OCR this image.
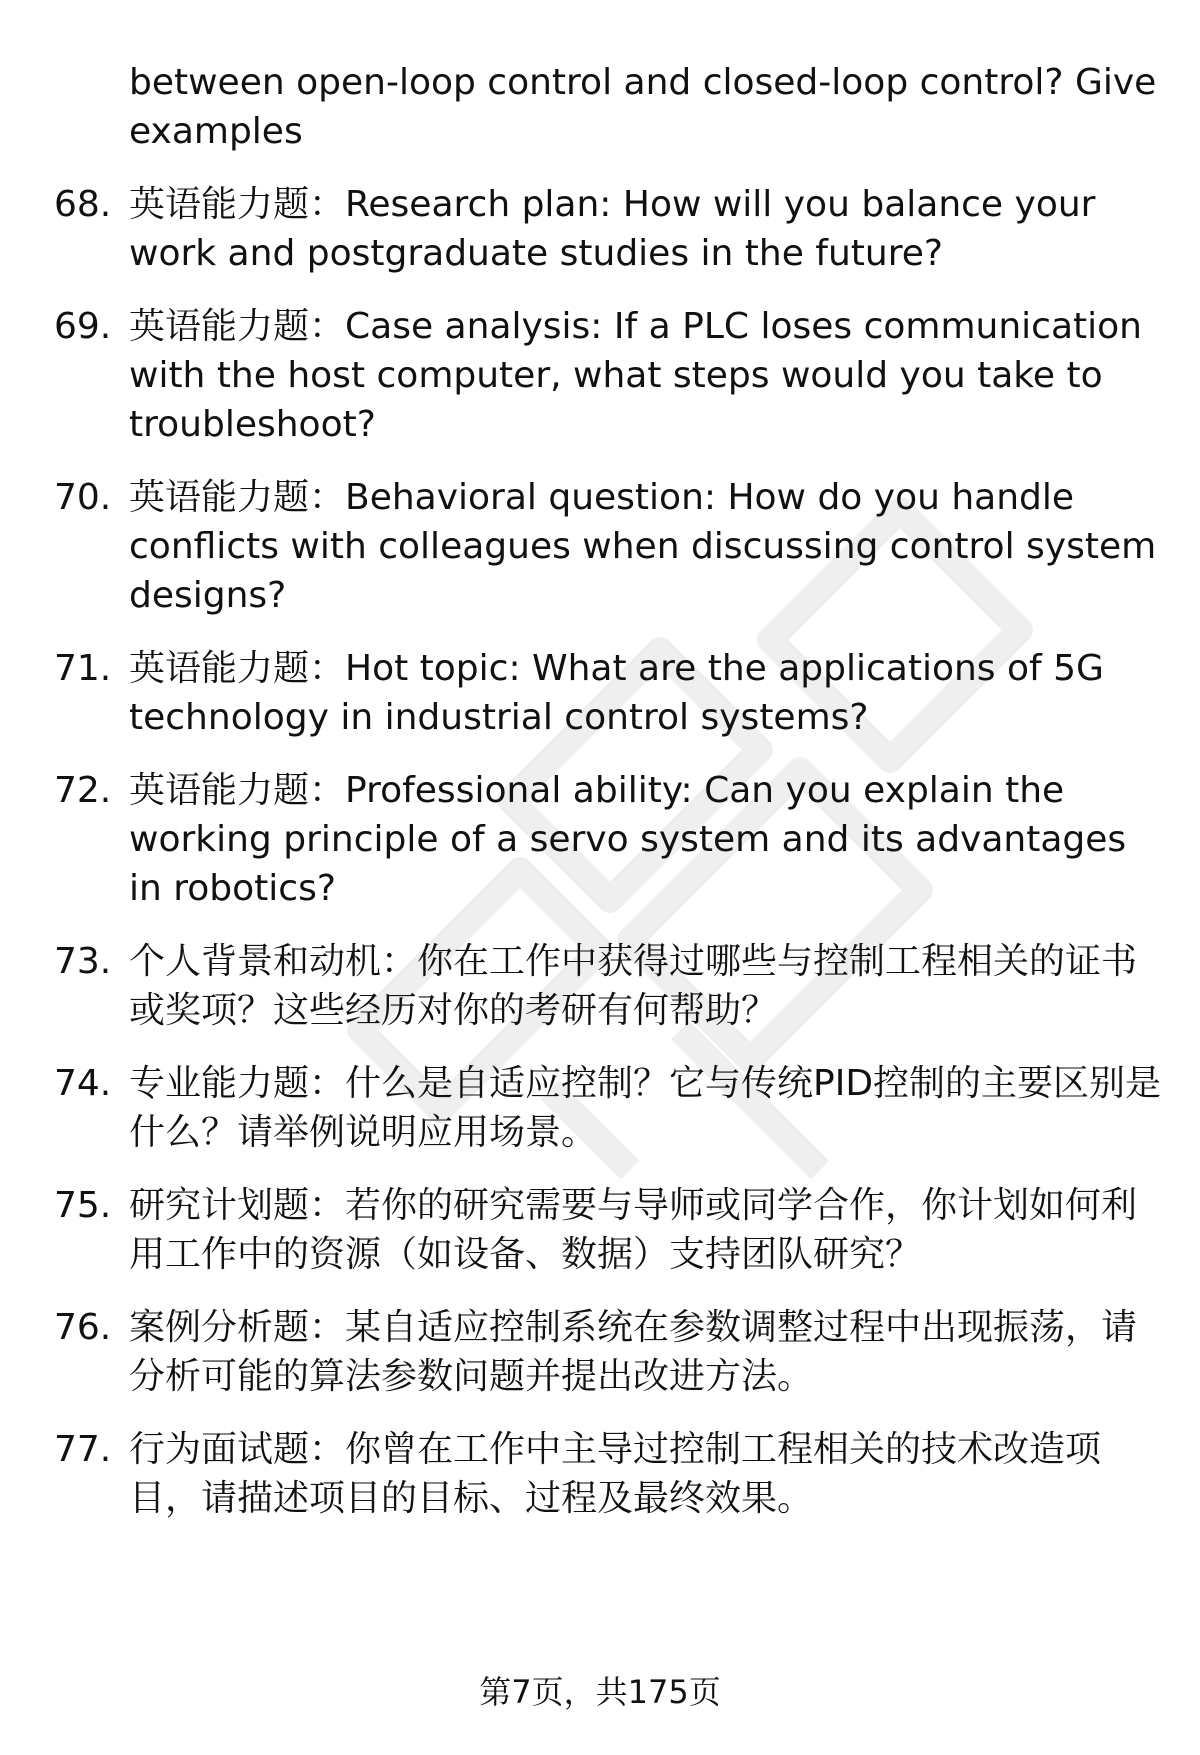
between open-loop control and closed-loop control? Give examples
68. 英语能力题：Research plan: How will you balance your work and postgraduate studies in the future?
69. 英语能力题：Case analysis: If a PLC loses communication with the host computer, what steps would you take to troubleshoot?
70. 英语能力题：Behavioral question: How do you handle conflicts with colleagues when discussing control system designs?
71. 英语能力题：Hot topic: What are the applications of 5G technology in industrial control systems?
72. 英语能力题：Professional ability: Can you explain the working principle of a servo system and its advantages in robotics?
73. 个人背景和动机：你在工作中获得过哪些与控制工程相关的证书或奖项？这些经历对你的考研有何帮助？
74. 专业能力题：什么是自适应控制？它与传统PID控制的主要区别是什么？请举例说明应用场景。
75. 研究计划题：若你的研究需要与导师或同学合作，你计划如何利用工作中的资源（如设备、数据）支持团队研究？
76. 案例分析题：某自适应控制系统在参数调整过程中出现振荡，请分析可能的算法参数问题并提出改进方法。
77. 行为面试题：你曾在工作中主导过控制工程相关的技术改造项目，请描述项目的目标、过程及最终效果。
第7页，共175页
